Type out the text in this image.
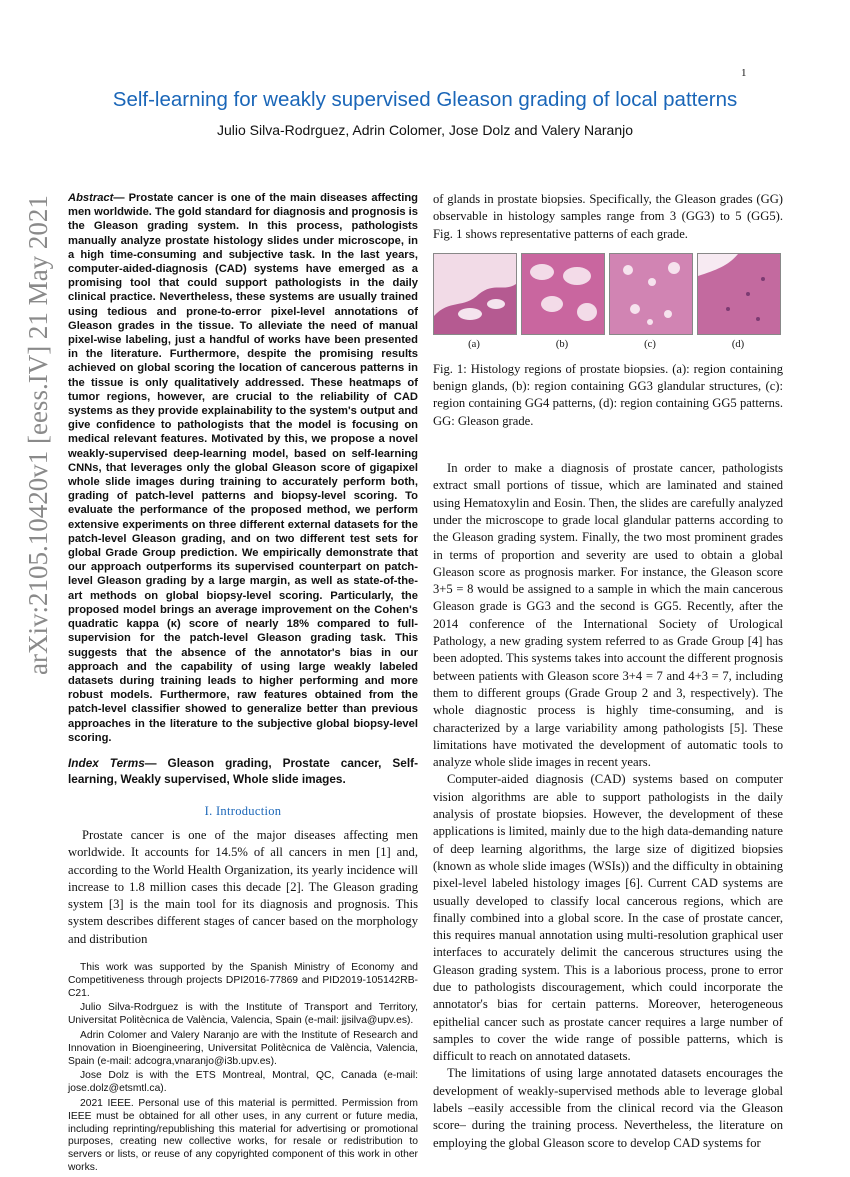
1
Self-learning for weakly supervised Gleason grading of local patterns
Julio Silva-Rodrguez, Adrin Colomer, Jose Dolz and Valery Naranjo
arXiv:2105.10420v1 [eess.IV] 21 May 2021	Abstract— Prostate cancer is one of the main diseases affecting men worldwide. The gold standard for diagnosis and prognosis is the Gleason grading system. In this process, pathologists manually analyze prostate histology slides under microscope, in a high time-consuming and subjective task. In the last years, computer-aided-diagnosis (CAD) systems have emerged as a promising tool that could support pathologists in the daily clinical practice. Nevertheless, these systems are usually trained using tedious and prone-to-error pixel-level annotations of Gleason grades in the tissue. To alleviate the need of manual pixel-wise labeling, just a handful of works have been presented in the literature. Furthermore, despite the promising results achieved on global scoring the location of cancerous patterns in the tissue is only qualitatively addressed. These heatmaps of tumor regions, however, are crucial to the reliability of CAD systems as they provide explainability to the system's output and give confidence to pathologists that the model is focusing on medical relevant features. Motivated by this, we propose a novel weakly-supervised deep-learning model, based on self-learning CNNs, that leverages only the global Gleason score of gigapixel whole slide images during training to accurately perform both, grading of patch-level patterns and biopsy-level scoring. To evaluate the performance of the proposed method, we perform extensive experiments on three different external datasets for the patch-level Gleason grading, and on two different test sets for global Grade Group prediction. We empirically demonstrate that our approach outperforms its supervised counterpart on patch-level Gleason grading by a large margin, as well as state-of-the-art methods on global biopsy-level scoring. Particularly, the proposed model brings an average improvement on the Cohen's quadratic kappa (κ) score of nearly 18% compared to full-supervision for the patch-level Gleason grading task. This suggests that the absence of the annotator's bias in our approach and the capability of using large weakly labeled datasets during training leads to higher performing and more robust models. Furthermore, raw features obtained from the patch-level classifier showed to generalize better than previous approaches in the literature to the subjective global biopsy-level scoring.

Index Terms— Gleason grading, Prostate cancer, Self-learning, Weakly supervised, Whole slide images.

I. Introduction

Prostate cancer is one of the major diseases affecting men worldwide. It accounts for 14.5% of all cancers in men [1] and, according to the World Health Organization, its yearly incidence will increase to 1.8 million cases this decade [2]. The Gleason grading system [3] is the main tool for its diagnosis and prognosis. This system describes different stages of cancer based on the morphology and distribution

This work was supported by the Spanish Ministry of Economy and Competitiveness through projects DPI2016-77869 and PID2019-105142RB-C21.

Julio Silva-Rodrguez is with the Institute of Transport and Territory, Universitat Politècnica de València, Valencia, Spain (e-mail: jjsilva@upv.es).

Adrin Colomer and Valery Naranjo are with the Institute of Research and Innovation in Bioengineering, Universitat Politècnica de València, Valencia, Spain (e-mail: adcogra,vnaranjo@i3b.upv.es).

Jose Dolz is with the ETS Montreal, Montral, QC, Canada (e-mail: jose.dolz@etsmtl.ca).

2021 IEEE. Personal use of this material is permitted. Permission from IEEE must be obtained for all other uses, in any current or future media, including reprinting/republishing this material for advertising or promotional purposes, creating new collective works, for resale or redistribution to servers or lists, or reuse of any copyrighted component of this work in other works.

of glands in prostate biopsies. Specifically, the Gleason grades (GG) observable in histology samples range from 3 (GG3) to 5 (GG5). Fig. 1 shows representative patterns of each grade.

(a)	(b)	(c)	(d)

Fig. 1: Histology regions of prostate biopsies. (a): region containing benign glands, (b): region containing GG3 glandular structures, (c): region containing GG4 patterns, (d): region containing GG5 patterns. GG: Gleason grade.

In order to make a diagnosis of prostate cancer, pathologists extract small portions of tissue, which are laminated and stained using Hematoxylin and Eosin. Then, the slides are carefully analyzed under the microscope to grade local glandular patterns according to the Gleason grading system. Finally, the two most prominent grades in terms of proportion and severity are used to obtain a global Gleason score as prognosis marker. For instance, the Gleason score 3+5 = 8 would be assigned to a sample in which the main cancerous Gleason grade is GG3 and the second is GG5. Recently, after the 2014 conference of the International Society of Urological Pathology, a new grading system referred to as Grade Group [4] has been adopted. This systems takes into account the different prognosis between patients with Gleason score 3+4 = 7 and 4+3 = 7, including them to different groups (Grade Group 2 and 3, respectively). The whole diagnostic process is highly time-consuming, and is characterized by a large variability among pathologists [5]. These limitations have motivated the development of automatic tools to analyze whole slide images in recent years.

Computer-aided diagnosis (CAD) systems based on computer vision algorithms are able to support pathologists in the daily analysis of prostate biopsies. However, the development of these applications is limited, mainly due to the high data-demanding nature of deep learning algorithms, the large size of digitized biopsies (known as whole slide images (WSIs)) and the difficulty in obtaining pixel-level labeled histology images [6]. Current CAD systems are usually developed to classify local cancerous regions, which are finally combined into a global score. In the case of prostate cancer, this requires manual annotation using multi-resolution graphical user interfaces to accurately delimit the cancerous structures using the Gleason grading system. This is a laborious process, prone to error due to pathologists discouragement, which could incorporate the annotator's bias for certain patterns. Moreover, heterogeneous epithelial cancer such as prostate cancer requires a large number of samples to cover the wide range of possible patterns, which is difficult to reach on annotated datasets.

The limitations of using large annotated datasets encourages the development of weakly-supervised methods able to leverage global labels –easily accessible from the clinical record via the Gleason score– during the training process. Nevertheless, the literature on employing the global Gleason score to develop CAD systems for
